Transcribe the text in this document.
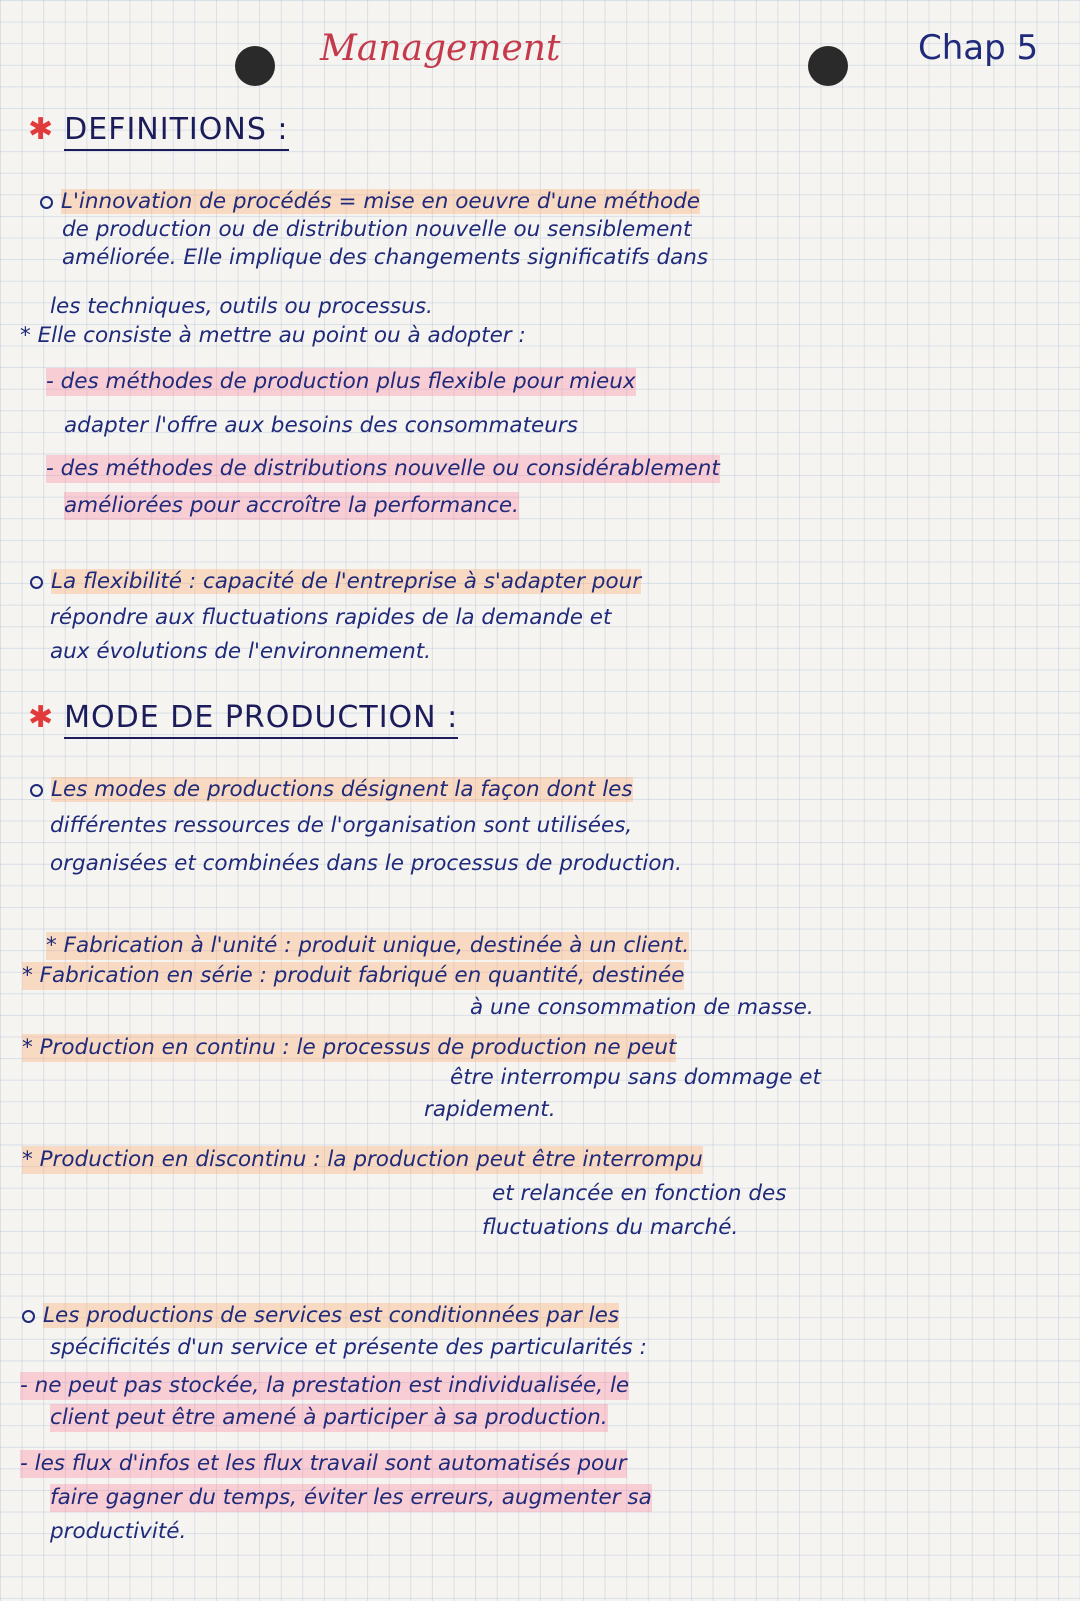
Management	Chap 5
✱ DEFINITIONS :
L'innovation de procédés = mise en oeuvre d'une méthode
de production ou de distribution nouvelle ou sensiblement
améliorée. Elle implique des changements significatifs dans
les techniques, outils ou processus.
* Elle consiste à mettre au point ou à adopter :
- des méthodes de production plus flexible pour mieux
adapter l'offre aux besoins des consommateurs
- des méthodes de distributions nouvelle ou considérablement
améliorées pour accroître la performance.
La flexibilité : capacité de l'entreprise à s'adapter pour
répondre aux fluctuations rapides de la demande et
aux évolutions de l'environnement.
✱ MODE DE PRODUCTION :
Les modes de productions désignent la façon dont les
différentes ressources de l'organisation sont utilisées,
organisées et combinées dans le processus de production.
* Fabrication à l'unité : produit unique, destinée à un client.
* Fabrication en série : produit fabriqué en quantité, destinée
à une consommation de masse.
* Production en continu : le processus de production ne peut
être interrompu sans dommage et
rapidement.
* Production en discontinu : la production peut être interrompu
et relancée en fonction des
fluctuations du marché.
Les productions de services est conditionnées par les
spécificités d'un service et présente des particularités :
- ne peut pas stockée, la prestation est individualisée, le
client peut être amené à participer à sa production.
- les flux d'infos et les flux travail sont automatisés pour
faire gagner du temps, éviter les erreurs, augmenter sa
productivité.
